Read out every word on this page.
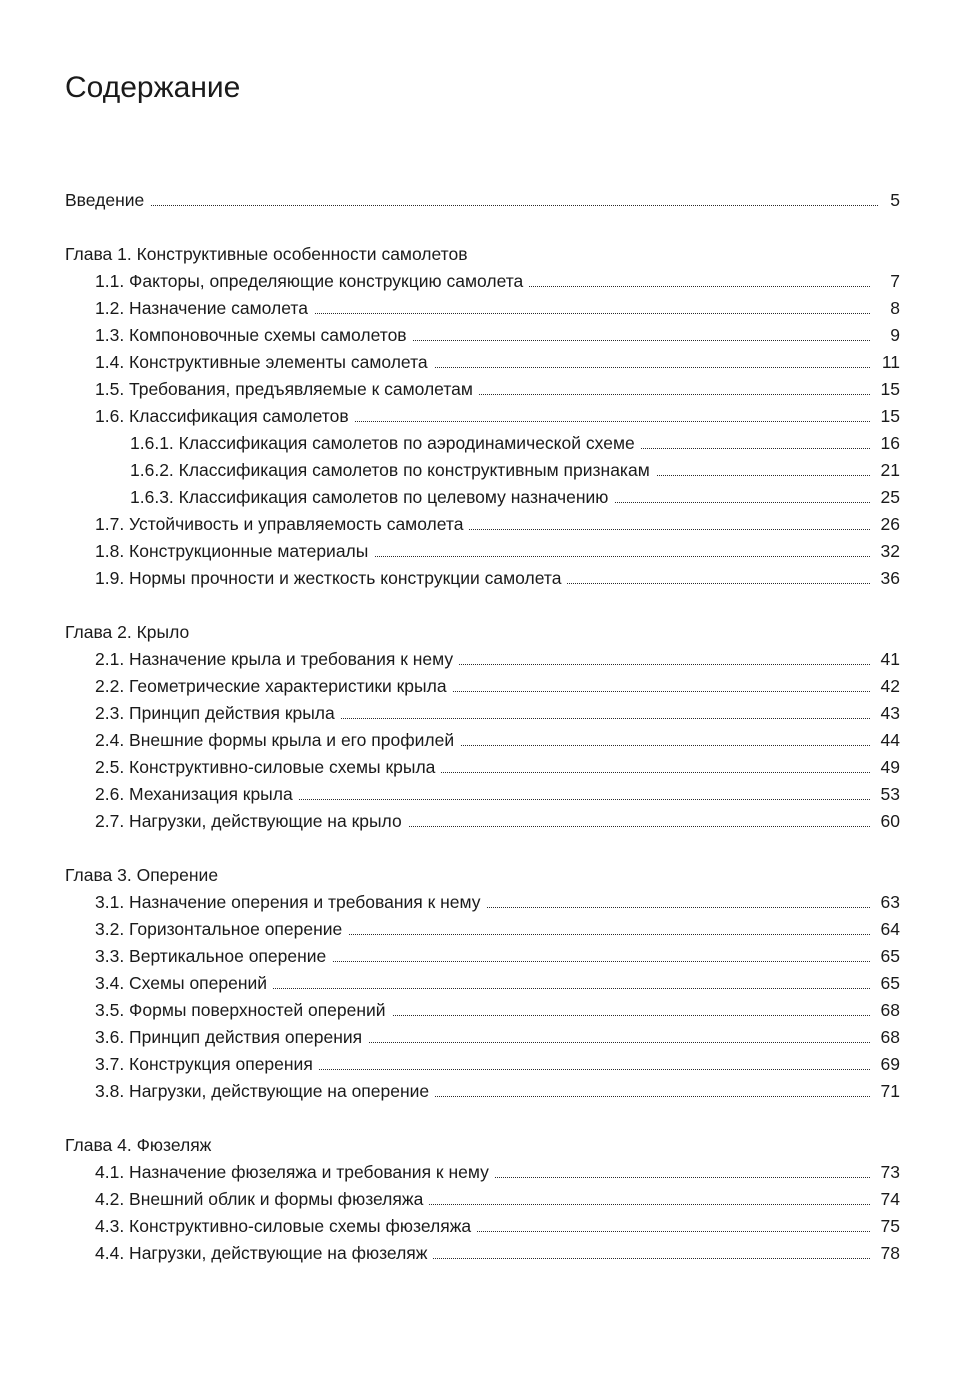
Содержание
Введение	5
Глава 1. Конструктивные особенности самолетов
1.1. Факторы, определяющие конструкцию самолета	7
1.2. Назначение самолета	8
1.3. Компоновочные схемы самолетов	9
1.4. Конструктивные элементы самолета	11
1.5. Требования, предъявляемые к самолетам	15
1.6. Классификация самолетов	15
1.6.1. Классификация самолетов по аэродинамической схеме	16
1.6.2. Классификация самолетов по конструктивным признакам	21
1.6.3. Классификация самолетов по целевому назначению	25
1.7. Устойчивость и управляемость самолета	26
1.8. Конструкционные материалы	32
1.9. Нормы прочности и жесткость конструкции самолета	36
Глава 2. Крыло
2.1. Назначение крыла и требования к нему	41
2.2. Геометрические характеристики крыла	42
2.3. Принцип действия крыла	43
2.4. Внешние формы крыла и его профилей	44
2.5. Конструктивно-силовые схемы крыла	49
2.6. Механизация крыла	53
2.7. Нагрузки, действующие на крыло	60
Глава 3. Оперение
3.1. Назначение оперения и требования к нему	63
3.2. Горизонтальное оперение	64
3.3. Вертикальное оперение	65
3.4. Схемы оперений	65
3.5. Формы поверхностей оперений	68
3.6. Принцип действия оперения	68
3.7. Конструкция оперения	69
3.8. Нагрузки, действующие на оперение	71
Глава 4. Фюзеляж
4.1. Назначение фюзеляжа и требования к нему	73
4.2. Внешний облик и формы фюзеляжа	74
4.3. Конструктивно-силовые схемы фюзеляжа	75
4.4. Нагрузки, действующие на фюзеляж	78
